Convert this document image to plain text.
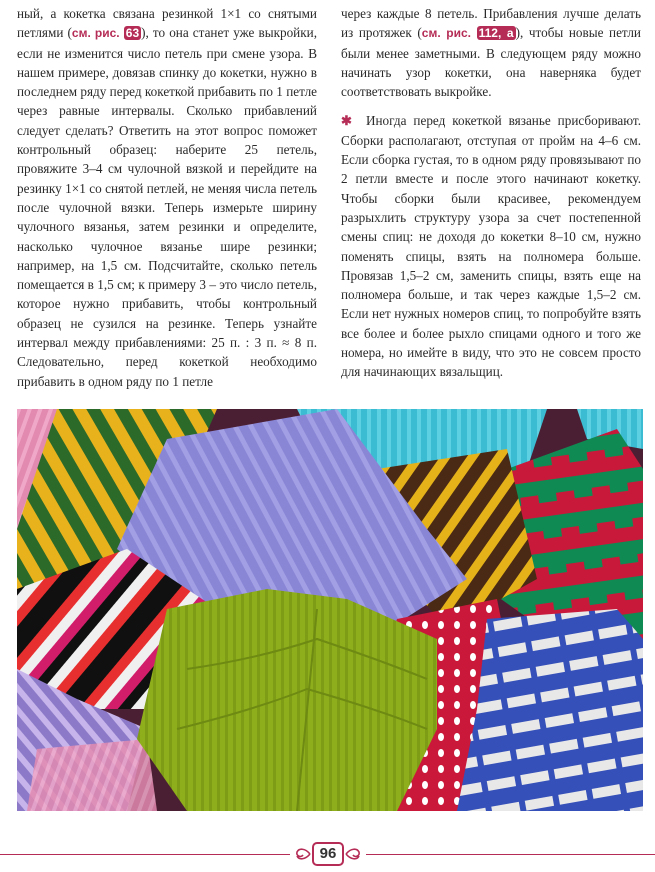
ный, а кокетка связана резинкой 1×1 со снятыми петлями (см. рис. 63 ), то она станет уже выкройки, если не изменится число петель при смене узора. В нашем примере, довязав спинку до кокетки, нужно в последнем ряду перед кокеткой прибавить по 1 петле через равные интервалы. Сколько прибавлений следует сделать? Ответить на этот вопрос поможет контрольный образец: наберите 25 петель, провяжите 3–4 см чулочной вязкой и перейдите на резинку 1×1 со снятой петлей, не меняя числа петель после чулочной вязки. Теперь измерьте ширину чулочного вязанья, затем резинки и определите, насколько чулочное вязанье шире резинки; например, на 1,5 см. Подсчитайте, сколько петель помещается в 1,5 см; к примеру 3 – это число петель, которое нужно прибавить, чтобы контрольный образец не сузился на резинке. Теперь узнайте интервал между прибавлениями: 25 п. : 3 п. ≈ 8 п. Следовательно, перед кокеткой необходимо прибавить в одном ряду по 1 петле

через каждые 8 петель. Прибавления лучше делать из протяжек (см. рис. 112, а ), чтобы новые петли были менее заметными. В следующем ряду можно начинать узор кокетки, она наверняка будет соответствовать выкройке.

✱ Иногда перед кокеткой вязанье присборивают. Сборки располагают, отступая от пройм на 4–6 см. Если сборка густая, то в одном ряду провязывают по 2 петли вместе и после этого начинают кокетку. Чтобы сборки были красивее, рекомендуем разрыхлить структуру узора за счет постепенной смены спиц: не доходя до кокетки 8–10 см, нужно поменять спицы, взять на полномера больше. Провязав 1,5–2 см, заменить спицы, взять еще на полномера больше, и так через каждые 1,5–2 см. Если нет нужных номеров спиц, то попробуйте взять все более и более рыхло спицами одного и того же номера, но имейте в виду, что это не совсем просто для начинающих вязальщиц.

96
